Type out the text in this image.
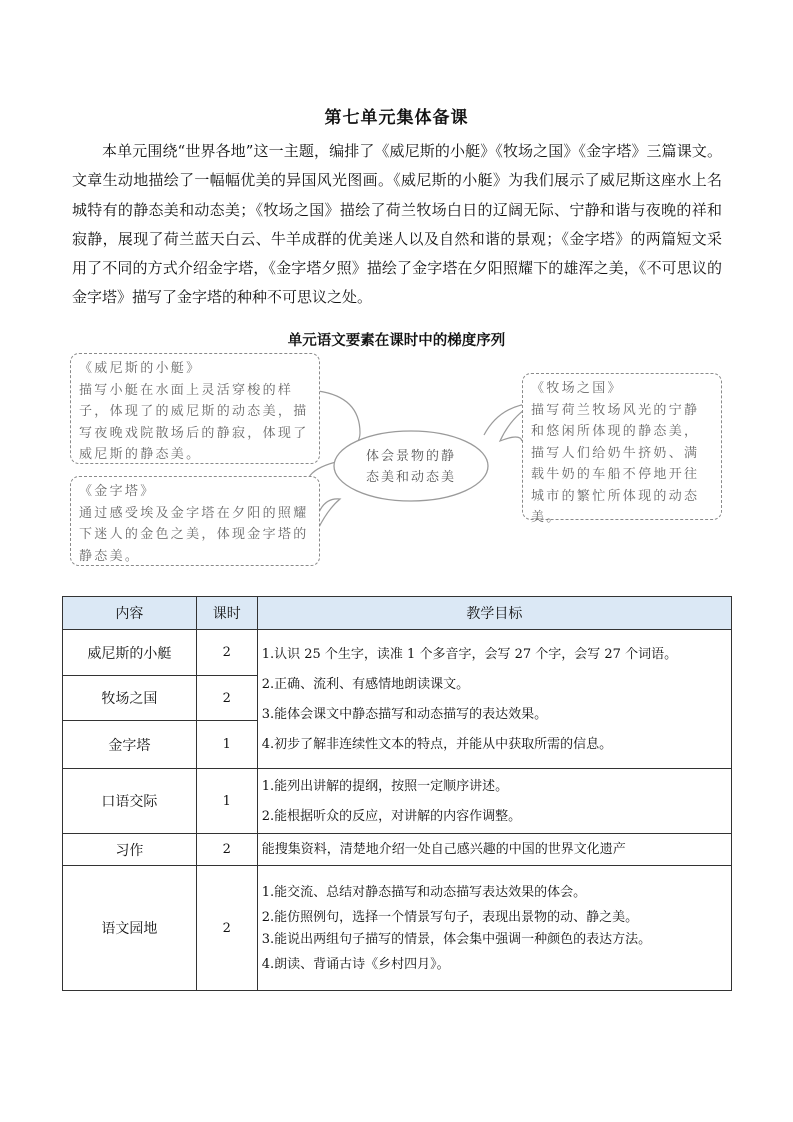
第七单元集体备课

本单元围绕“世界各地”这一主题，编排了《威尼斯的小艇》《牧场之国》《金字塔》三篇课文。文章生动地描绘了一幅幅优美的异国风光图画。《威尼斯的小艇》为我们展示了威尼斯这座水上名城特有的静态美和动态美；《牧场之国》描绘了荷兰牧场白日的辽阔无际、宁静和谐与夜晚的祥和寂静，展现了荷兰蓝天白云、牛羊成群的优美迷人以及自然和谐的景观；《金字塔》的两篇短文采用了不同的方式介绍金字塔，《金字塔夕照》描绘了金字塔在夕阳照耀下的雄浑之美，《不可思议的金字塔》描写了金字塔的种种不可思议之处。

单元语文要素在课时中的梯度序列
体会景物的静
态美和动态美
《威尼斯的小艇》
描写小艇在水面上灵活穿梭的样子，体现了的威尼斯的动态美，描写夜晚戏院散场后的静寂，体现了威尼斯的静态美。
《牧场之国》
描写荷兰牧场风光的宁静和悠闲所体现的静态美，描写人们给奶牛挤奶、满载牛奶的车船不停地开往城市的繁忙所体现的动态美。
《金字塔》
通过感受埃及金字塔在夕阳的照耀下迷人的金色之美，体现金字塔的静态美。
内容	课时	教学目标
威尼斯的小艇	2	1.认识 25 个生字，读准 1 个多音字，会写 27 个字，会写 27 个词语。
2.正确、流利、有感情地朗读课文。
3.能体会课文中静态描写和动态描写的表达效果。
4.初步了解非连续性文本的特点，并能从中获取所需的信息。

牧场之国	2	
金字塔	1	
口语交际	1	1.能列出讲解的提纲，按照一定顺序讲述。
2.能根据听众的反应，对讲解的内容作调整。

习作	2	能搜集资料，清楚地介绍一处自己感兴趣的中国的世界文化遗产

语文园地	2	1.能交流、总结对静态描写和动态描写表达效果的体会。
2.能仿照例句，选择一个情景写句子，表现出景物的动、静之美。
3.能说出两组句子描写的情景，体会集中强调一种颜色的表达方法。
4.朗读、背诵古诗《乡村四月》。
